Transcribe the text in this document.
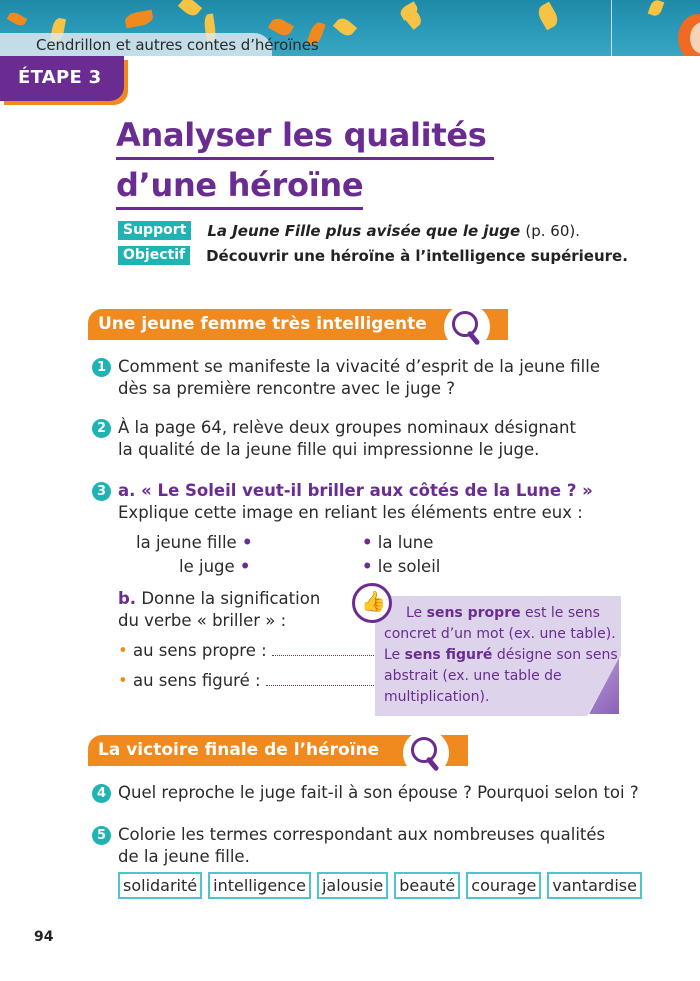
Cendrillon et autres contes d’héroïnes
ÉTAPE 3
Analyser les qualités
d’une héroïne
Support	La Jeune Fille plus avisée que le juge (p. 60).
Objectif	Découvrir une héroïne à l’intelligence supérieure.
Une jeune femme très intelligente
1 Comment se manifeste la vivacité d’esprit de la jeune fille
dès sa première rencontre avec le juge ?
2 À la page 64, relève deux groupes nominaux désignant
la qualité de la jeune fille qui impressionne le juge.
3 a. « Le Soleil veut-il briller aux côtés de la Lune ? »
Explique cette image en reliant les éléments entre eux :
la jeune fille •
le juge •
• la lune
• le soleil
b. Donne la signification
du verbe « briller » :
• au sens propre :
• au sens figuré :
Le sens propre est le sens concret d’un mot (ex. une table).
Le sens figuré désigne son sens abstrait (ex. une table de multiplication).
👍
La victoire finale de l’héroïne
4 Quel reproche le juge fait-il à son épouse ? Pourquoi selon toi ?
5 Colorie les termes correspondant aux nombreuses qualités
de la jeune fille.
solidarité	intelligence	jalousie	beauté	courage	vantardise
94
